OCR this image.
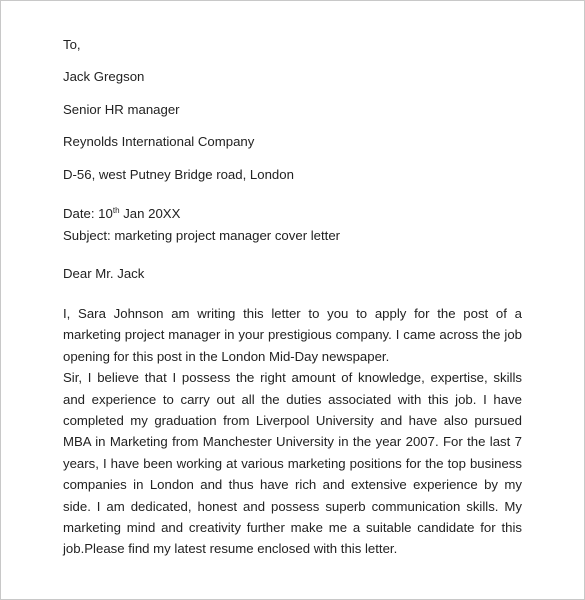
To,
Jack Gregson
Senior HR manager
Reynolds International Company
D-56, west Putney Bridge road, London
Date: 10th Jan 20XX
Subject: marketing project manager cover letter
Dear Mr. Jack

I, Sara Johnson am writing this letter to you to apply for the post of a marketing project manager in your prestigious company. I came across the job opening for this post in the London Mid-Day newspaper.

Sir, I believe that I possess the right amount of knowledge, expertise, skills and experience to carry out all the duties associated with this job. I have completed my graduation from Liverpool University and have also pursued MBA in Marketing from Manchester University in the year 2007. For the last 7 years, I have been working at various marketing positions for the top business companies in London and thus have rich and extensive experience by my side. I am dedicated, honest and possess superb communication skills. My marketing mind and creativity further make me a suitable candidate for this job.Please find my latest resume enclosed with this letter.
